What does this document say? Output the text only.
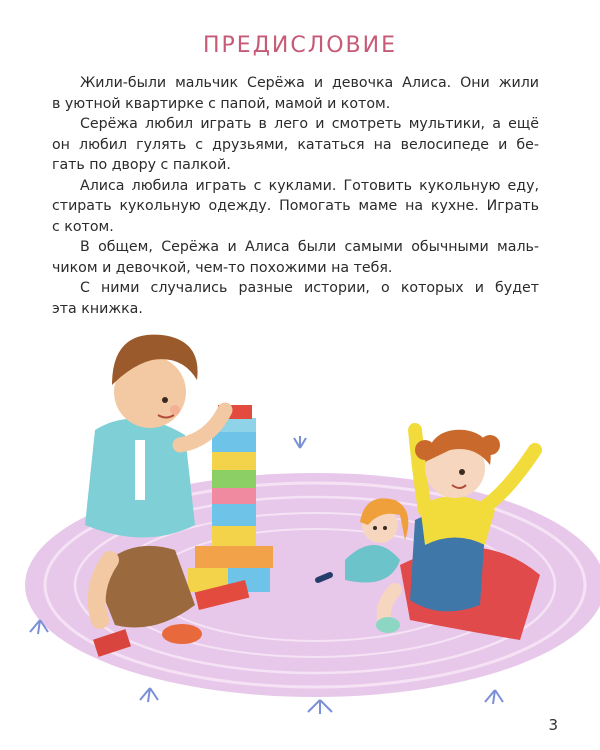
ПРЕДИСЛОВИЕ

Жили-были мальчик Серёжа и девочка Алиса. Они жили
в уютной квартирке с папой, мамой и котом.

Серёжа любил играть в лего и смотреть мультики, а ещё
он любил гулять с друзьями, кататься на велосипеде и бе-
гать по двору с палкой.

Алиса любила играть с куклами. Готовить кукольную еду,
стирать кукольную одежду. Помогать маме на кухне. Играть
с котом.

В общем, Серёжа и Алиса были самыми обычными маль-
чиком и девочкой, чем-то похожими на тебя.

С ними случались разные истории, о которых и будет
эта книжка.

3
